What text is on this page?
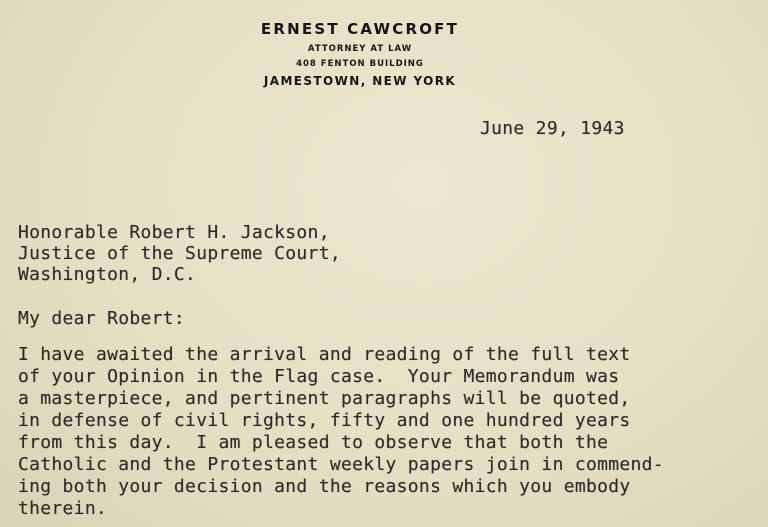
ERNEST CAWCROFT
ATTORNEY AT LAW
408 FENTON BUILDING
JAMESTOWN, NEW YORK
June 29, 1943
Honorable Robert H. Jackson,
Justice of the Supreme Court,
Washington, D.C.
My dear Robert:
I have awaited the arrival and reading of the full text
of your Opinion in the Flag case.  Your Memorandum was
a masterpiece, and pertinent paragraphs will be quoted,
in defense of civil rights, fifty and one hundred years
from this day.  I am pleased to observe that both the
Catholic and the Protestant weekly papers join in commend-
ing both your decision and the reasons which you embody
therein.
